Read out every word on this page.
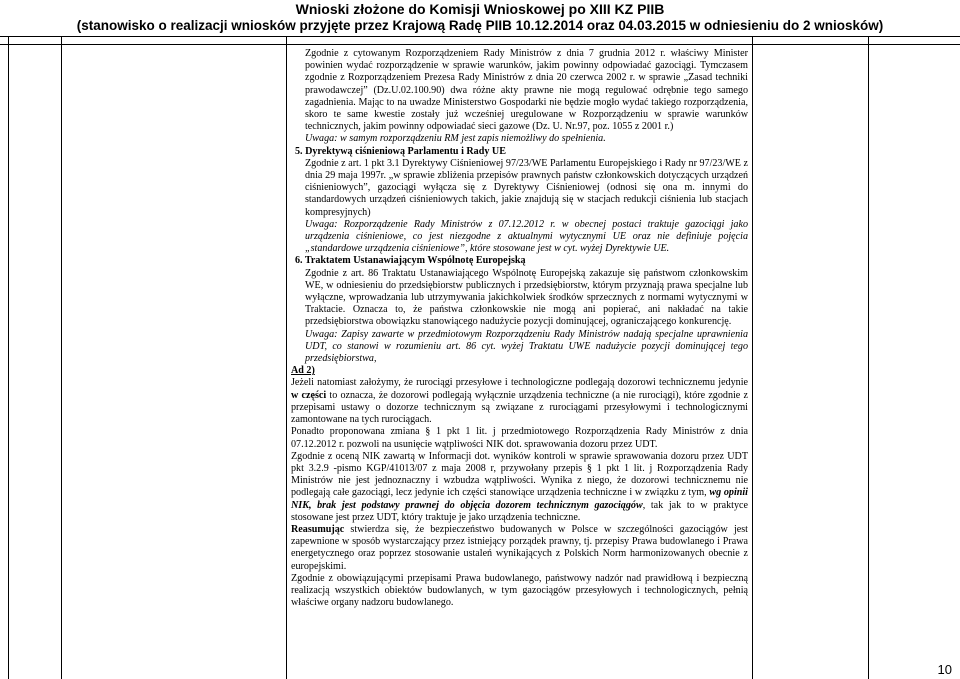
Wnioski złożone do Komisji Wnioskowej po XIII KZ PIIB
(stanowisko o realizacji wniosków przyjęte przez Krajową Radę PIIB 10.12.2014 oraz 04.03.2015 w odniesieniu do 2 wniosków)

Zgodnie z cytowanym Rozporządzeniem Rady Ministrów z dnia 7 grudnia 2012 r. właściwy Minister powinien wydać rozporządzenie w sprawie warunków, jakim powinny odpowiadać gazociągi. Tymczasem zgodnie z Rozporządzeniem Prezesa Rady Ministrów z dnia 20 czerwca 2002 r. w sprawie „Zasad techniki prawodawczej” (Dz.U.02.100.90) dwa różne akty prawne nie mogą regulować odrębnie tego samego zagadnienia. Mając to na uwadze Ministerstwo Gospodarki nie będzie mogło wydać takiego rozporządzenia, skoro te same kwestie zostały już wcześniej uregulowane w Rozporządzeniu w sprawie warunków technicznych, jakim powinny odpowiadać sieci gazowe (Dz. U. Nr.97, poz. 1055 z 2001 r.)

Uwaga: w samym rozporządzeniu RM jest zapis niemożliwy do spełnienia.

5. Dyrektywą ciśnieniową Parlamentu i Rady UE

Zgodnie z art. 1 pkt 3.1 Dyrektywy Ciśnieniowej 97/23/WE Parlamentu Europejskiego i Rady nr 97/23/WE z dnia 29 maja 1997r. „w sprawie zbliżenia przepisów prawnych państw członkowskich dotyczących urządzeń ciśnieniowych”, gazociągi wyłącza się z Dyrektywy Ciśnieniowej (odnosi się ona m. innymi do standardowych urządzeń ciśnieniowych takich, jakie znajdują się w stacjach redukcji ciśnienia lub stacjach kompresyjnych)

Uwaga: Rozporządzenie Rady Ministrów z 07.12.2012 r. w obecnej postaci traktuje gazociągi jako urządzenia ciśnieniowe, co jest niezgodne z aktualnymi wytycznymi UE oraz nie definiuje pojęcia „standardowe urządzenia ciśnieniowe”, które stosowane jest w cyt. wyżej Dyrektywie UE.

6. Traktatem Ustanawiającym Wspólnotę Europejską

Zgodnie z art. 86 Traktatu Ustanawiającego Wspólnotę Europejską zakazuje się państwom członkowskim WE, w odniesieniu do przedsiębiorstw publicznych i przedsiębiorstw, którym przyznają prawa specjalne lub wyłączne, wprowadzania lub utrzymywania jakichkolwiek środków sprzecznych z normami wytycznymi w Traktacie. Oznacza to, że państwa członkowskie nie mogą ani popierać, ani nakładać na takie przedsiębiorstwa obowiązku stanowiącego nadużycie pozycji dominującej, ograniczającego konkurencję.

Uwaga: Zapisy zawarte w przedmiotowym Rozporządzeniu Rady Ministrów nadają specjalne uprawnienia UDT, co stanowi w rozumieniu art. 86 cyt. wyżej Traktatu UWE nadużycie pozycji dominującej tego przedsiębiorstwa,

Ad 2)

Jeżeli natomiast założymy, że rurociągi przesyłowe i technologiczne podlegają dozorowi technicznemu jedynie w części to oznacza, że dozorowi podlegają wyłącznie urządzenia techniczne (a nie rurociągi), które zgodnie z przepisami ustawy o dozorze technicznym są związane z rurociągami przesyłowymi i technologicznymi zamontowane na tych rurociągach.

Ponadto proponowana zmiana § 1 pkt 1 lit. j przedmiotowego Rozporządzenia Rady Ministrów z dnia 07.12.2012 r. pozwoli na usunięcie wątpliwości NIK dot. sprawowania dozoru przez UDT.

Zgodnie z oceną NIK zawartą w Informacji dot. wyników kontroli w sprawie sprawowania dozoru przez UDT pkt 3.2.9 -pismo KGP/41013/07 z maja 2008 r, przywołany przepis § 1 pkt 1 lit. j Rozporządzenia Rady Ministrów nie jest jednoznaczny i wzbudza wątpliwości. Wynika z niego, że dozorowi technicznemu nie podlegają całe gazociągi, lecz jedynie ich części stanowiące urządzenia techniczne i w związku z tym, wg opinii NIK, brak jest podstawy prawnej do objęcia dozorem technicznym gazociągów, tak jak to w praktyce stosowane jest przez UDT, który traktuje je jako urządzenia techniczne.

Reasumując stwierdza się, że bezpieczeństwo budowanych w Polsce w szczególności gazociągów jest zapewnione w sposób wystarczający przez istniejący porządek prawny, tj. przepisy Prawa budowlanego i Prawa energetycznego oraz poprzez stosowanie ustaleń wynikających z Polskich Norm harmonizowanych obecnie z europejskimi.

Zgodnie z obowiązującymi przepisami Prawa budowlanego, państwowy nadzór nad prawidłową i bezpieczną realizacją wszystkich obiektów budowlanych, w tym gazociągów przesyłowych i technologicznych, pełnią właściwe organy nadzoru budowlanego.

10
